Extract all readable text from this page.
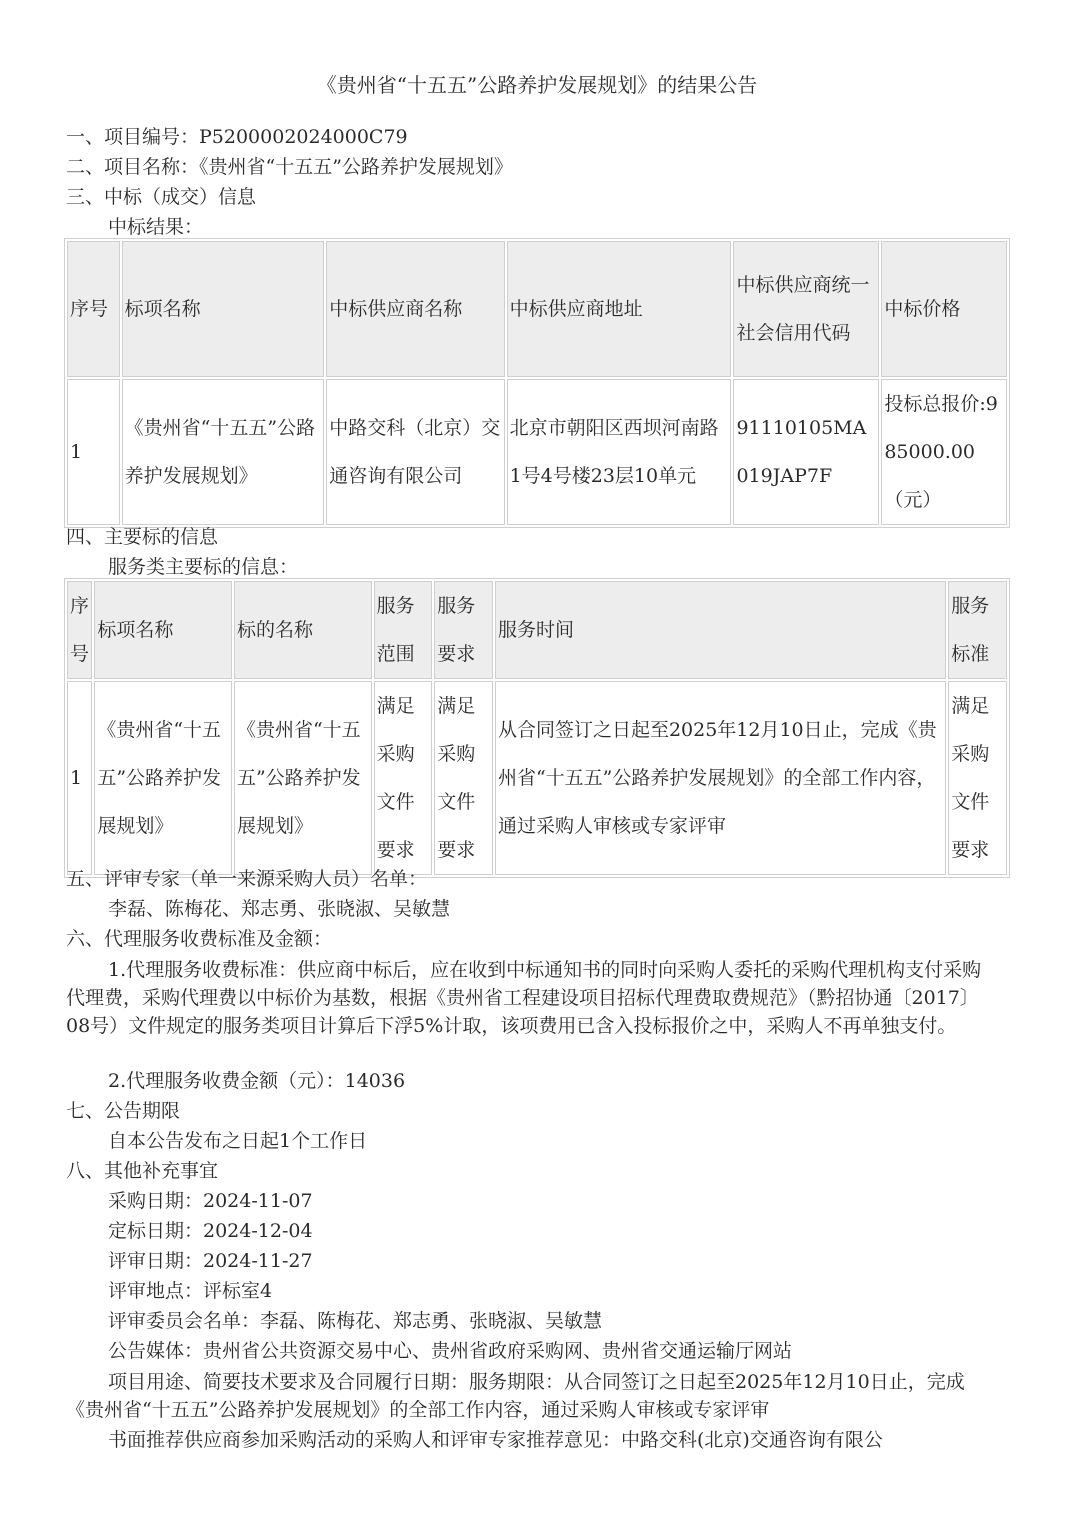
《贵州省“十五五”公路养护发展规划》的结果公告
一、项目编号：P5200002024000C79
二、项目名称：《贵州省“十五五”公路养护发展规划》
三、中标（成交）信息
中标结果：
序号	标项名称	中标供应商名称	中标供应商地址	中标供应商统一社会信用代码	中标价格
1	《贵州省“十五五”公路养护发展规划》	中路交科（北京）交通咨询有限公司	北京市朝阳区西坝河南路1号4号楼23层10单元	91110105MA019JAP7F	投标总报价:985000.00（元）
四、主要标的信息
服务类主要标的信息：
序号	标项名称	标的名称	服务范围	服务要求	服务时间	服务标准
1	《贵州省“十五五”公路养护发展规划》	《贵州省“十五五”公路养护发展规划》	满足采购文件要求	满足采购文件要求	从合同签订之日起至2025年12月10日止，完成《贵州省“十五五”公路养护发展规划》的全部工作内容，通过采购人审核或专家评审	满足采购文件要求
五、评审专家（单一来源采购人员）名单：
李磊、陈梅花、郑志勇、张晓淑、吴敏慧
六、代理服务收费标准及金额：
1.代理服务收费标准：供应商中标后，应在收到中标通知书的同时向采购人委托的采购代理机构支付采购代理费，采购代理费以中标价为基数，根据《贵州省工程建设项目招标代理费取费规范》（黔招协通〔2017〕08号）文件规定的服务类项目计算后下浮5%计取，该项费用已含入投标报价之中，采购人不再单独支付。
2.代理服务收费金额（元）：14036
七、公告期限
自本公告发布之日起1个工作日
八、其他补充事宜
采购日期：2024-11-07
定标日期：2024-12-04
评审日期：2024-11-27
评审地点：评标室4
评审委员会名单：李磊、陈梅花、郑志勇、张晓淑、吴敏慧
公告媒体：贵州省公共资源交易中心、贵州省政府采购网、贵州省交通运输厅网站
项目用途、简要技术要求及合同履行日期：服务期限：从合同签订之日起至2025年12月10日止，完成《贵州省“十五五”公路养护发展规划》的全部工作内容，通过采购人审核或专家评审
书面推荐供应商参加采购活动的采购人和评审专家推荐意见：中路交科(北京)交通咨询有限公
